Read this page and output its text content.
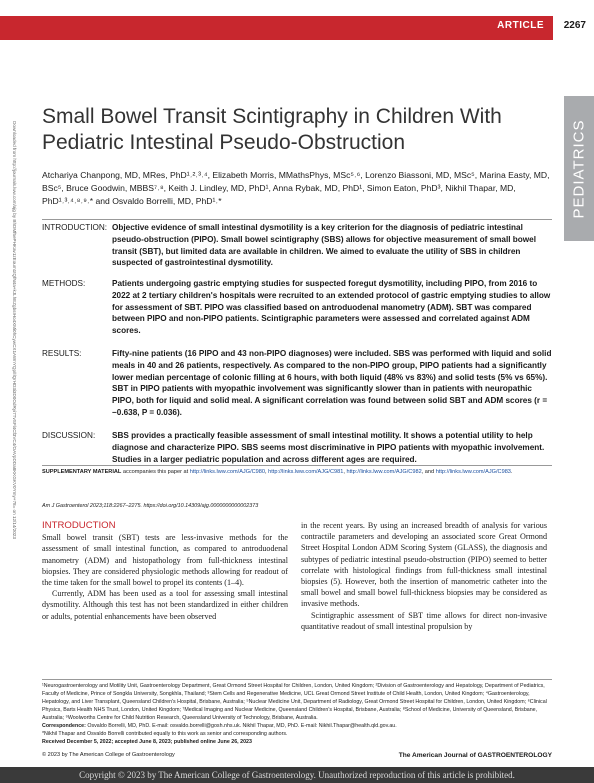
ARTICLE 2267
Downloaded from http://journals.lww.com/ajg by BhDMf5ePHKav1zEoum1tQfN4a+kJLhEZgbsIHo4XMi0hCywCX1AWnYQp/IlQrHD3i3D0OdRyi7TvSFl4Cf3VC4/OAVpDDa8KKGKV0Ymy+78= on 12/14/2023	PEDIATRICS
Small Bowel Transit Scintigraphy in Children With Pediatric Intestinal Pseudo-Obstruction
Atchariya Chanpong, MD, MRes, PhD¹˒²˒³˒⁴, Elizabeth Morris, MMathsPhys, MSc⁵˒⁶, Lorenzo Biassoni, MD, MSc⁵, Marina Easty, MD, BSc⁵, Bruce Goodwin, MBBS⁷˒⁸, Keith J. Lindley, MD, PhD¹, Anna Rybak, MD, PhD¹, Simon Eaton, PhD³, Nikhil Thapar, MD, PhD¹˒³˒⁴˒⁸˒⁹˒* and Osvaldo Borrelli, MD, PhD¹˒*
INTRODUCTION: Objective evidence of small intestinal dysmotility is a key criterion for the diagnosis of pediatric intestinal pseudo-obstruction (PIPO). Small bowel scintigraphy (SBS) allows for objective measurement of small bowel transit (SBT), but limited data are available in children. We aimed to evaluate the utility of SBS in children suspected of gastrointestinal dysmotility.
METHODS:	Patients undergoing gastric emptying studies for suspected foregut dysmotility, including PIPO, from 2016 to 2022 at 2 tertiary children's hospitals were recruited to an extended protocol of gastric emptying studies to allow for assessment of SBT. PIPO was classified based on antroduodenal manometry (ADM). SBT was compared between PIPO and non-PIPO patients. Scintigraphic parameters were assessed and correlated against ADM scores.
RESULTS:	Fifty-nine patients (16 PIPO and 43 non-PIPO diagnoses) were included. SBS was performed with liquid and solid meals in 40 and 26 patients, respectively. As compared to the non-PIPO group, PIPO patients had a significantly lower median percentage of colonic filling at 6 hours, with both liquid (48% vs 83%) and solid tests (5% vs 65%). SBT in PIPO patients with myopathic involvement was significantly slower than in patients with neuropathic PIPO, both for liquid and solid meal. A significant correlation was found between solid SBT and ADM scores (r = −0.638, P = 0.036).
DISCUSSION:	SBS provides a practically feasible assessment of small intestinal motility. It shows a potential utility to help diagnose and characterize PIPO. SBS seems most discriminative in PIPO patients with myopathic involvement. Studies in a larger pediatric population and across different ages are required.
SUPPLEMENTARY MATERIAL accompanies this paper at http://links.lww.com/AJG/C980, http://links.lww.com/AJG/C981, http://links.lww.com/AJG/C982, and http://links.lww.com/AJG/C983.
Am J Gastroenterol 2023;118:2267–2275. https://doi.org/10.14309/ajg.0000000000002373
INTRODUCTION

Small bowel transit (SBT) tests are less-invasive methods for the assessment of small intestinal function, as compared to antroduodenal manometry (ADM) and histopathology from full-thickness intestinal biopsies. They are considered physiologic methods allowing for readout of the time taken for the small bowel to propel its contents (1–4).

Currently, ADM has been used as a tool for assessing small intestinal dysmotility. Although this test has not been standardized in either children or adults, potential enhancements have been observed

in the recent years. By using an increased breadth of analysis for various contractile parameters and developing an associated score Great Ormond Street Hospital London ADM Scoring System (GLASS), the diagnosis and subtypes of pediatric intestinal pseudo-obstruction (PIPO) seemed to better correlate with histological findings from full-thickness small intestinal biopsies (5). However, both the insertion of manometric catheter into the small bowel and small bowel full-thickness biopsies may be considered as invasive methods.

Scintigraphic assessment of SBT time allows for direct non-invasive quantitative readout of small intestinal propulsion by

¹Neurogastroenterology and Motility Unit, Gastroenterology Department, Great Ormond Street Hospital for Children, London, United Kingdom; ²Division of Gastroenterology and Hepatology, Department of Pediatrics, Faculty of Medicine, Prince of Songkla University, Songkhla, Thailand; ³Stem Cells and Regenerative Medicine, UCL Great Ormond Street Institute of Child Health, London, United Kingdom; ⁴Gastroenterology, Hepatology, and Liver Transplant, Queensland Children's Hospital, Brisbane, Australia; ⁵Nuclear Medicine Unit, Department of Radiology, Great Ormond Street Hospital for Children, London, United Kingdom; ⁶Clinical Physics, Barts Health NHS Trust, London, United Kingdom; ⁷Medical Imaging and Nuclear Medicine, Queensland Children's Hospital, Brisbane, Australia; ⁸School of Medicine, University of Queensland, Brisbane, Australia; ⁹Woolworths Centre for Child Nutrition Research, Queensland University of Technology, Brisbane, Australia.
Correspondence: Osvaldo Borrelli, MD, PhD. E-mail: osvaldo.borrelli@gosh.nhs.uk. Nikhil Thapar, MD, PhD. E-mail: Nikhil.Thapar@health.qld.gov.au.
*Nikhil Thapar and Osvaldo Borrelli contributed equally to this work as senior and corresponding authors.
Received December 5, 2022; accepted June 8, 2023; published online June 26, 2023
© 2023 by The American College of Gastroenterology	The American Journal of GASTROENTEROLOGY
Copyright © 2023 by The American College of Gastroenterology. Unauthorized reproduction of this article is prohibited.
